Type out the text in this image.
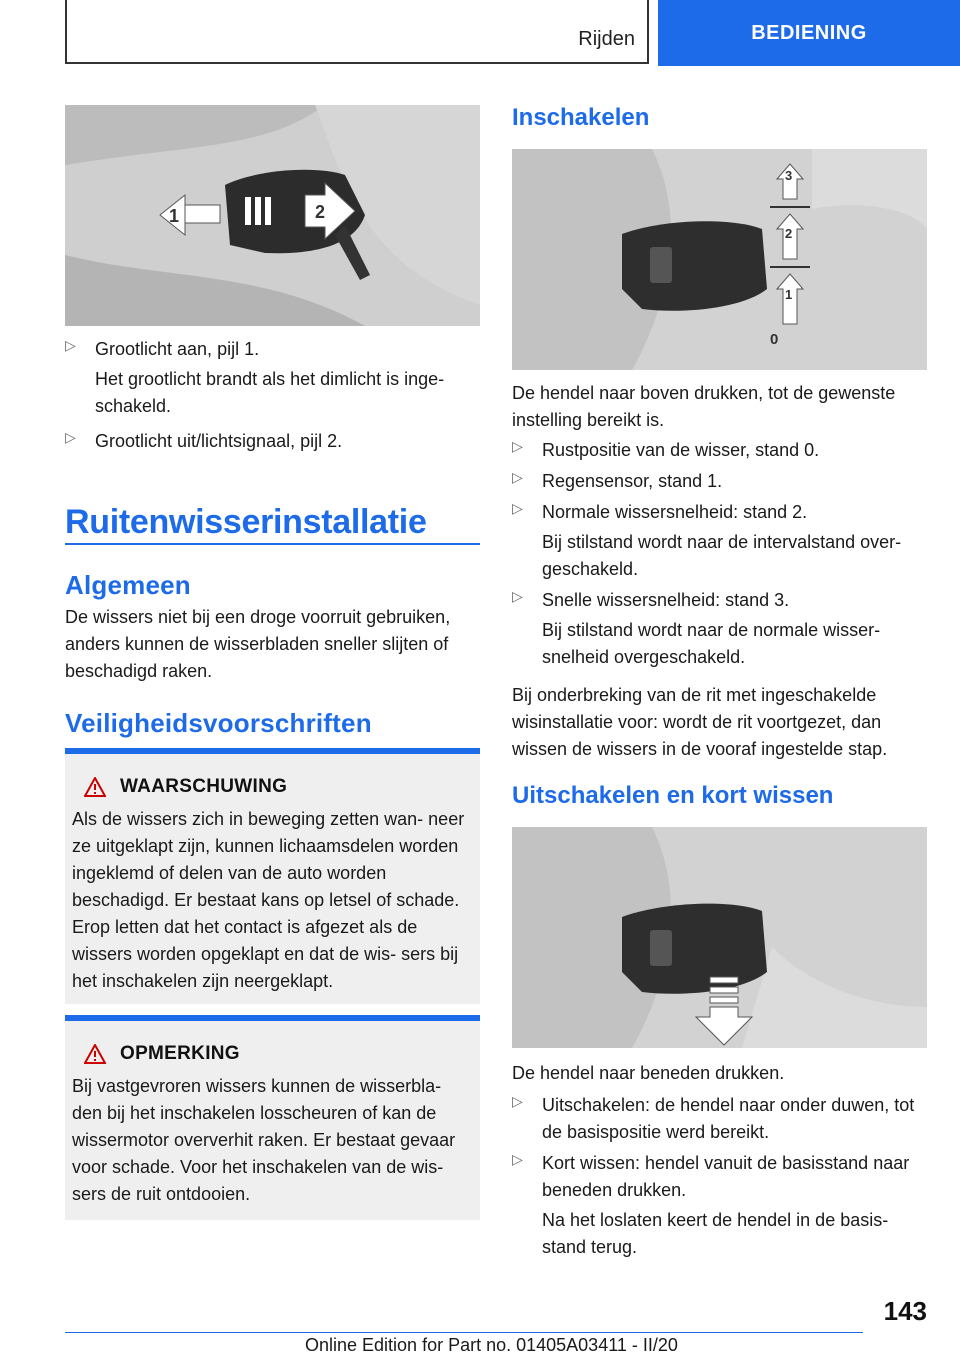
Rijden	BEDIENING
1	2
▷ Grootlicht aan, pijl 1.

Het grootlicht brandt als het dimlicht is inge‐ schakeld.

▷ Grootlicht uit/lichtsignaal, pijl 2.

Ruitenwisserinstallatie
Algemeen

De wissers niet bij een droge voorruit gebruiken, anders kunnen de wisserbladen sneller slijten of beschadigd raken.

Veiligheidsvoorschriften
WAARSCHUWING

Als de wissers zich in beweging zetten wan‐ neer ze uitgeklapt zijn, kunnen lichaamsdelen worden ingeklemd of delen van de auto worden beschadigd. Er bestaat kans op letsel of schade. Erop letten dat het contact is afgezet als de wissers worden opgeklapt en dat de wis‐ sers bij het inschakelen zijn neergeklapt.

OPMERKING

Bij vastgevroren wissers kunnen de wisserbla‐ den bij het inschakelen losscheuren of kan de wissermotor oververhit raken. Er bestaat gevaar voor schade. Voor het inschakelen van de wis‐ sers de ruit ontdooien.

Inschakelen
3
2
1
0

De hendel naar boven drukken, tot de gewenste instelling bereikt is.

▷ Rustpositie van de wisser, stand 0.

▷ Regensensor, stand 1.

▷ Normale wissersnelheid: stand 2.

Bij stilstand wordt naar de intervalstand over‐ geschakeld.

▷ Snelle wissersnelheid: stand 3.

Bij stilstand wordt naar de normale wisser‐ snelheid overgeschakeld.

Bij onderbreking van de rit met ingeschakelde wisinstallatie voor: wordt de rit voortgezet, dan wissen de wissers in de vooraf ingestelde stap.

Uitschakelen en kort wissen

De hendel naar beneden drukken.

▷ Uitschakelen: de hendel naar onder duwen, tot de basispositie werd bereikt.

▷ Kort wissen: hendel vanuit de basisstand naar beneden drukken.

Na het loslaten keert de hendel in de basis‐ stand terug.

143
Online Edition for Part no. 01405A03411 - II/20
